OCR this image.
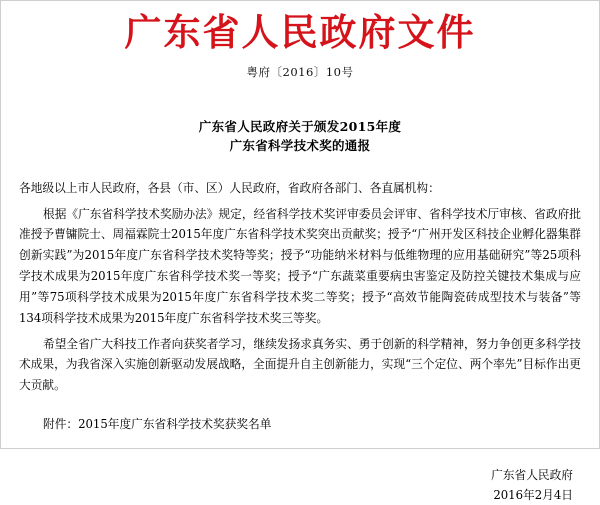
广东省人民政府文件
粤府〔2016〕10号
广东省人民政府关于颁发2015年度
广东省科学技术奖的通报

各地级以上市人民政府，各县（市、区）人民政府，省政府各部门、各直属机构：

根据《广东省科学技术奖励办法》规定，经省科学技术奖评审委员会评审、省科学技术厅审核、省政府批准授予曹镛院士、周福霖院士2015年度广东省科学技术奖突出贡献奖；授予“广州开发区科技企业孵化器集群创新实践”为2015年度广东省科学技术奖特等奖；授予“功能纳米材料与低维物理的应用基础研究”等25项科学技术成果为2015年度广东省科学技术奖一等奖；授予“广东蔬菜重要病虫害鉴定及防控关键技术集成与应用”等75项科学技术成果为2015年度广东省科学技术奖二等奖；授予“高效节能陶瓷砖成型技术与装备”等134项科学技术成果为2015年度广东省科学技术奖三等奖。

希望全省广大科技工作者向获奖者学习，继续发扬求真务实、勇于创新的科学精神，努力争创更多科学技术成果，为我省深入实施创新驱动发展战略，全面提升自主创新能力，实现“三个定位、两个率先”目标作出更大贡献。

附件：2015年度广东省科学技术奖获奖名单
广东省人民政府
2016年2月4日
